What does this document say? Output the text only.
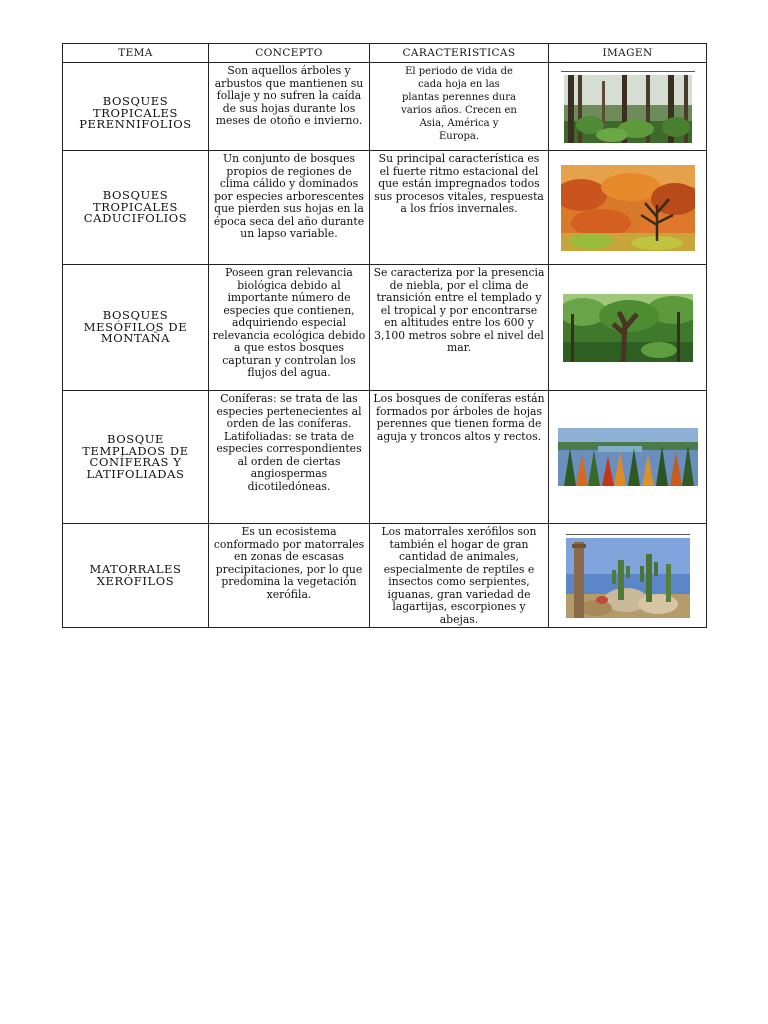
TEMA	CONCEPTO	CARACTERISTICAS	IMAGEN
BOSQUES TROPICALES PERENNIFOLIOS	Son aquellos árboles y arbustos que mantienen su follaje y no sufren la caída de sus hojas durante los meses de otoño e invierno.	El periodo de vida de cada hoja en las plantas perennes dura varios años. Crecen en Asia, América y Europa.	

BOSQUES TROPICALES CADUCIFOLIOS	Un conjunto de bosques propios de regiones de clima cálido y dominados por especies arborescentes que pierden sus hojas en la época seca del año durante un lapso variable.	Su principal característica es el fuerte ritmo estacional del que están impregnados todos sus procesos vitales, respuesta a los fríos invernales.	

BOSQUES MESÓFILOS DE MONTAÑA	Poseen gran relevancia biológica debido al importante número de especies que contienen, adquiriendo especial relevancia ecológica debido a que estos bosques capturan y controlan los flujos del agua.	Se caracteriza por la presencia de niebla, por el clima de transición entre el templado y el tropical y por encontrarse en altitudes entre los 600 y 3,100 metros sobre el nivel del mar.	

BOSQUE TEMPLADOS DE CONÍFERAS Y LATIFOLIADAS	Coníferas: se trata de las especies pertenecientes al orden de las coníferas. Latifoliadas: se trata de especies correspondientes al orden de ciertas angiospermas dicotiledóneas.	Los bosques de coníferas están formados por árboles de hojas perennes que tienen forma de aguja y troncos altos y rectos.	

MATORRALES XERÓFILOS	Es un ecosistema conformado por matorrales en zonas de escasas precipitaciones, por lo que predomina la vegetación xerófila.	Los matorrales xerófilos son también el hogar de gran cantidad de animales, especialmente de reptiles e insectos como serpientes, iguanas, gran variedad de lagartijas, escorpiones y abejas.	
